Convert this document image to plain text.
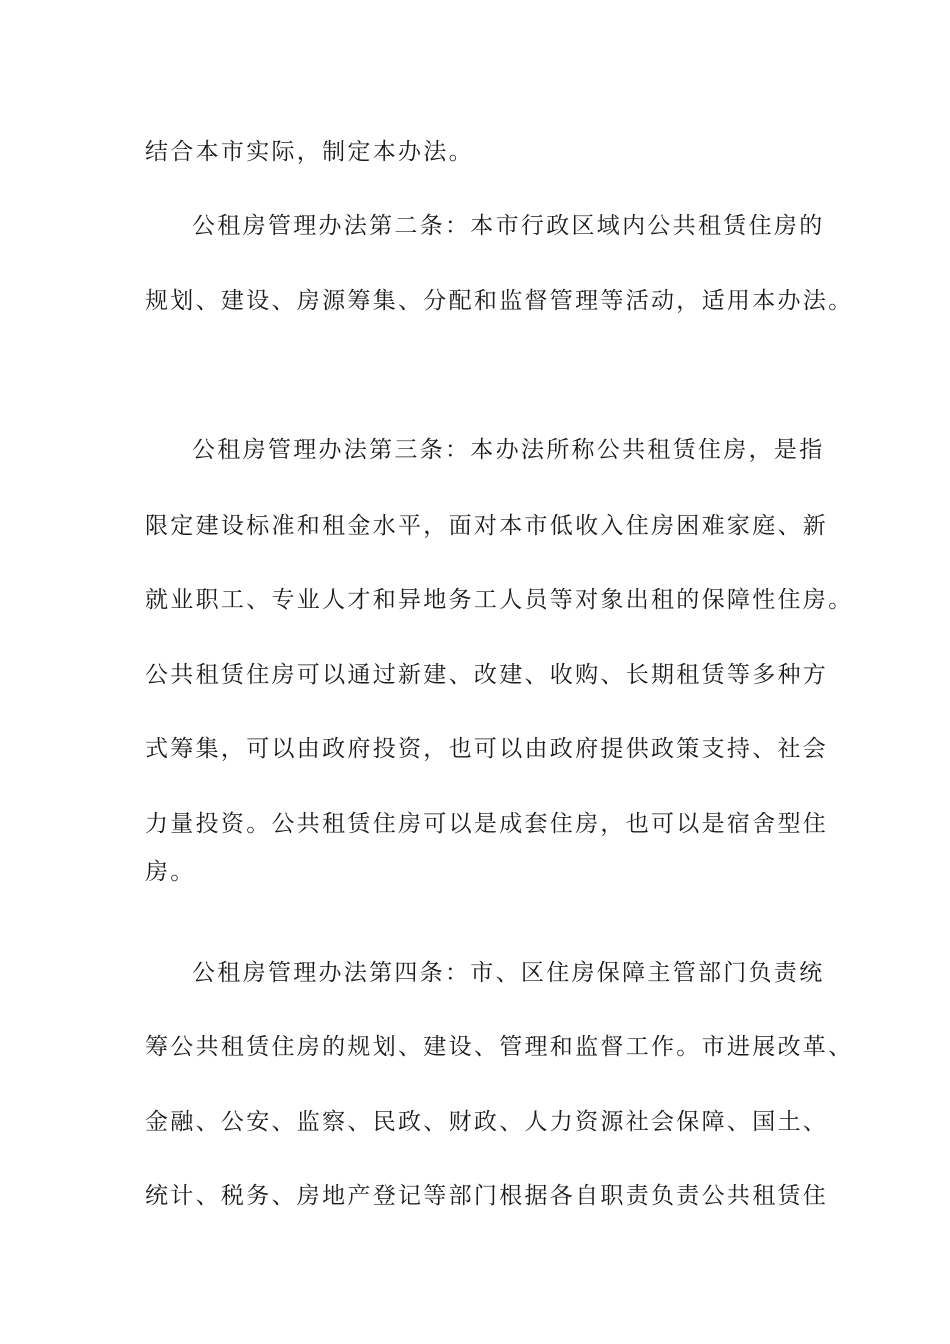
结合本市实际，制定本办法。
公租房管理办法第二条：本市行政区域内公共租赁住房的
规划、建设、房源筹集、分配和监督管理等活动，适用本办法。
公租房管理办法第三条：本办法所称公共租赁住房，是指
限定建设标准和租金水平，面对本市低收入住房困难家庭、新
就业职工、专业人才和异地务工人员等对象出租的保障性住房。
公共租赁住房可以通过新建、改建、收购、长期租赁等多种方
式筹集，可以由政府投资，也可以由政府提供政策支持、社会
力量投资。公共租赁住房可以是成套住房，也可以是宿舍型住
房。
公租房管理办法第四条：市、区住房保障主管部门负责统
筹公共租赁住房的规划、建设、管理和监督工作。市进展改革、
金融、公安、监察、民政、财政、人力资源社会保障、国土、
统计、税务、房地产登记等部门根据各自职责负责公共租赁住
